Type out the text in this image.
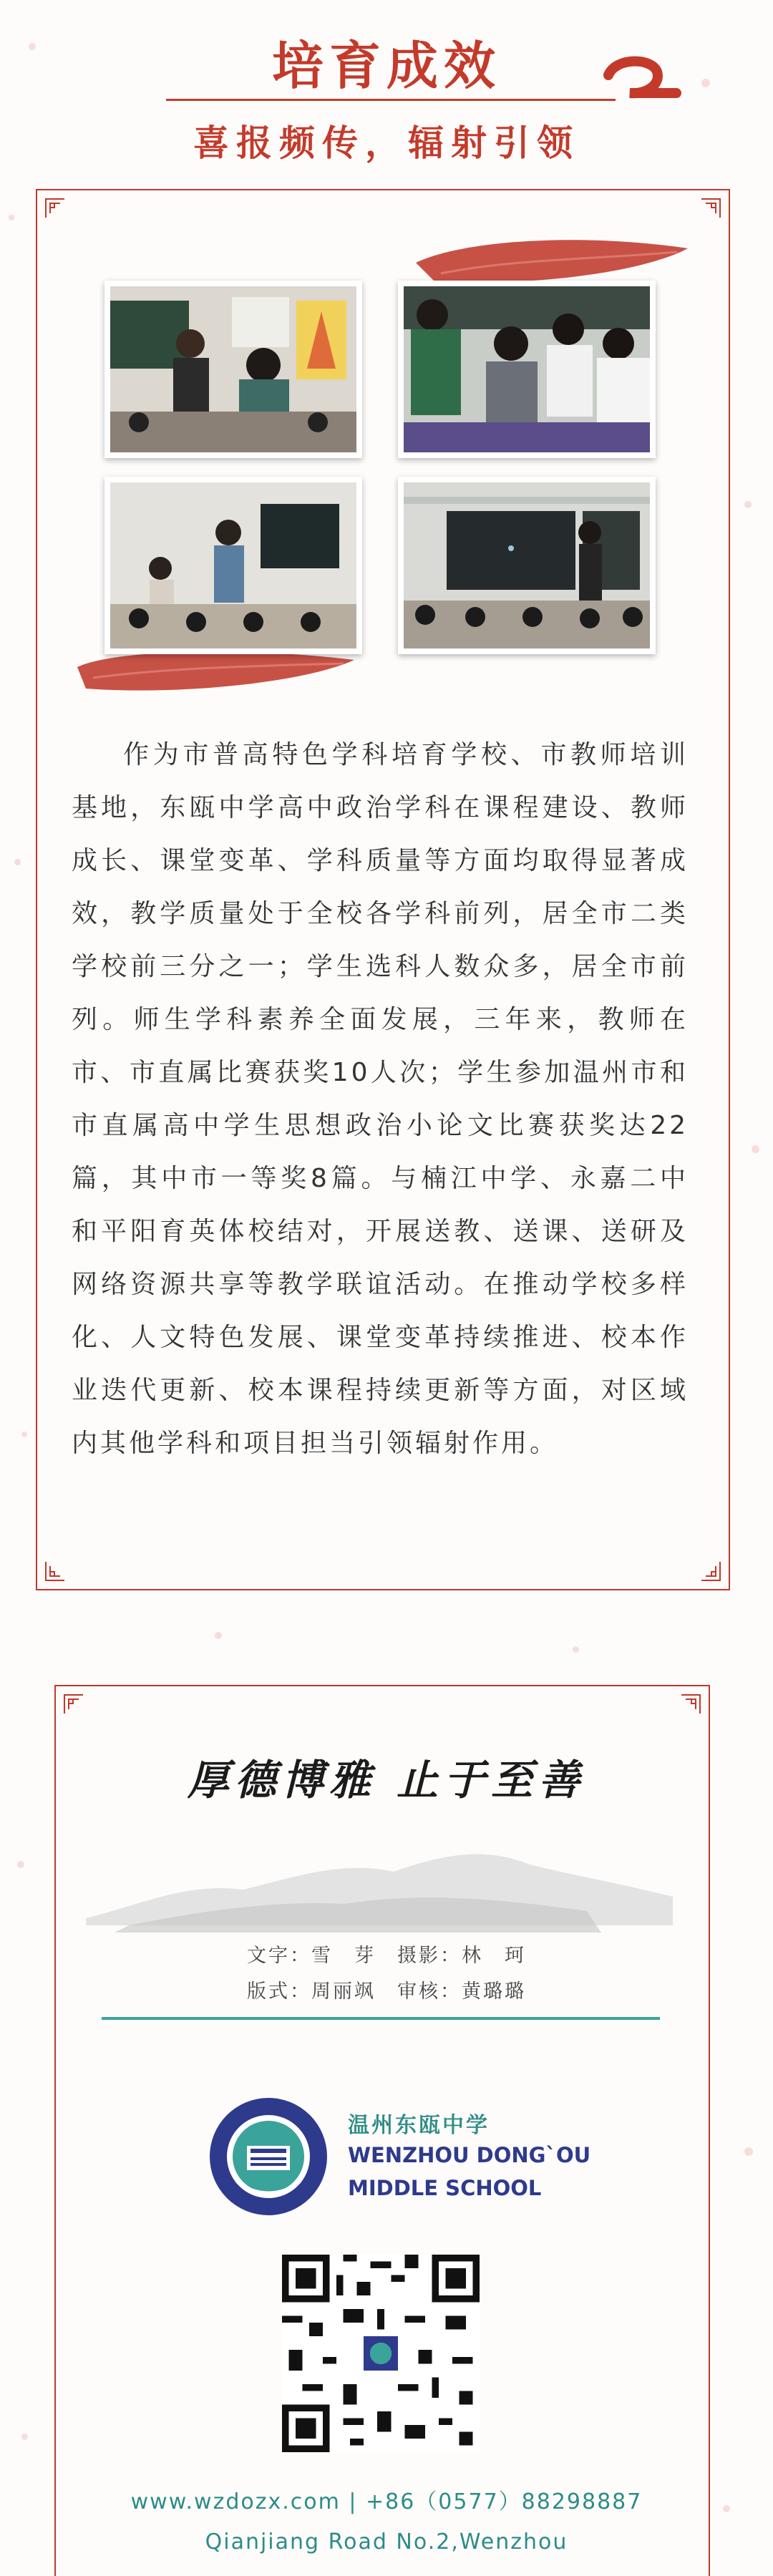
培育成效
喜报频传，辐射引领
作为市普高特色学科培育学校、市教师培训基地，东瓯中学高中政治学科在课程建设、教师成长、课堂变革、学科质量等方面均取得显著成效，教学质量处于全校各学科前列，居全市二类学校前三分之一；学生选科人数众多，居全市前列。师生学科素养全面发展，三年来，教师在市、市直属比赛获奖10人次；学生参加温州市和市直属高中学生思想政治小论文比赛获奖达22篇，其中市一等奖8篇。与楠江中学、永嘉二中和平阳育英体校结对，开展送教、送课、送研及网络资源共享等教学联谊活动。在推动学校多样化、人文特色发展、课堂变革持续推进、校本作业迭代更新、校本课程持续更新等方面，对区域内其他学科和项目担当引领辐射作用。
厚德博雅 止于至善
文字：雪　芽　摄影：林　珂
版式：周丽飒　审核：黄璐璐
温州东瓯中学
WENZHOU DONG`OU
MIDDLE SCHOOL
www.wzdozx.com | +86（0577）88298887
Qianjiang Road No.2,Wenzhou
